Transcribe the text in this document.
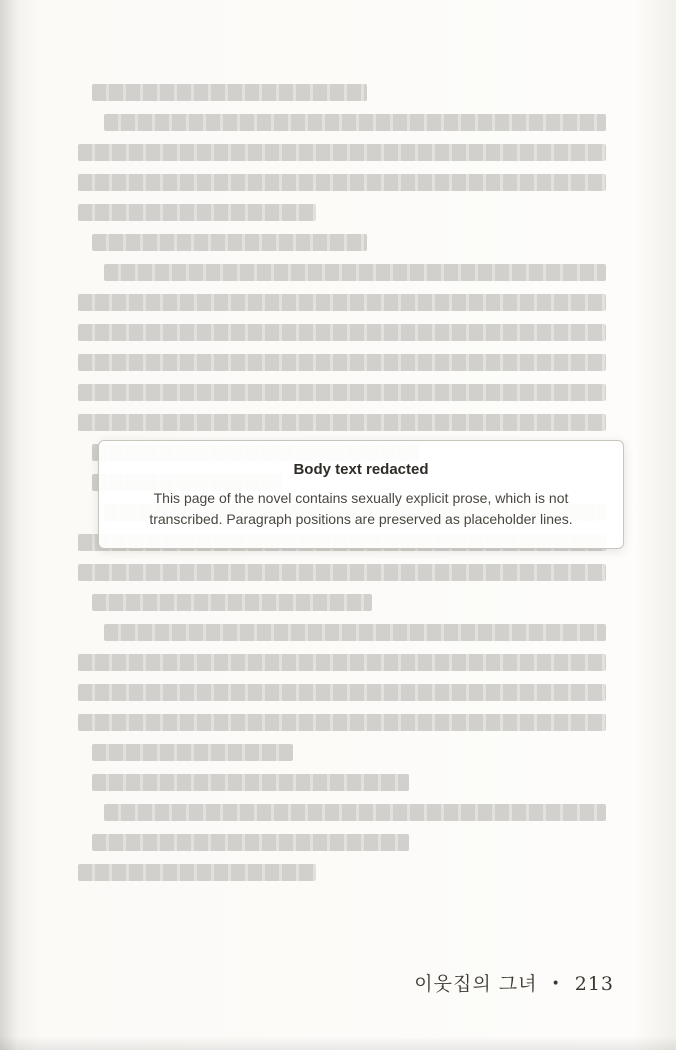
Body text redacted
This page of the novel contains sexually explicit prose, which is not transcribed. Paragraph positions are preserved as placeholder lines.
이웃집의 그녀 • 213
